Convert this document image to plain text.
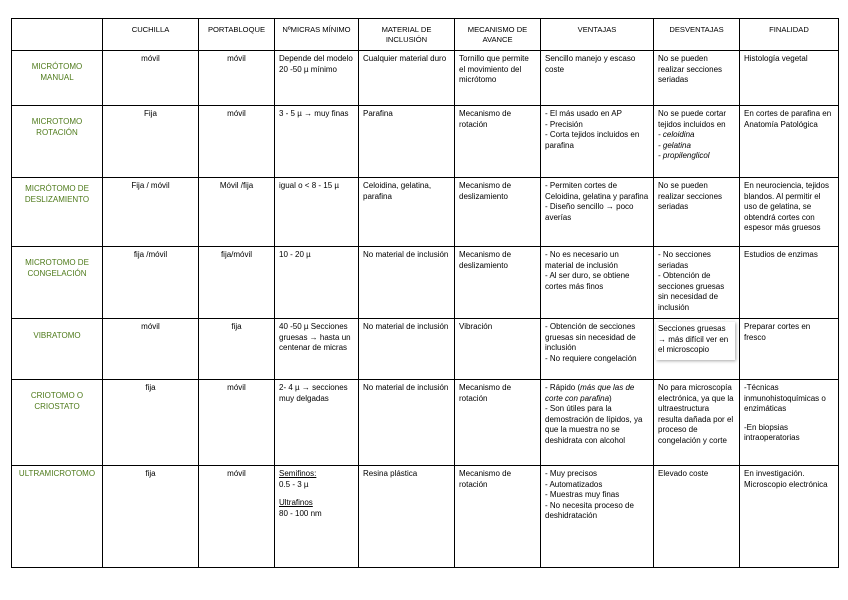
	CUCHILLA	PORTABLOQUE	NºMICRAS MÍNIMO	MATERIAL DE INCLUSIÓN	MECANISMO DE AVANCE	VENTAJAS	DESVENTAJAS	FINALIDAD
MICRÓTOMO MANUAL	móvil	móvil	Depende del modelo 20 -50 µ mínimo	Cualquier material duro	Tornillo que permite el movimiento del micrótomo	Sencillo manejo y escaso coste	No se pueden realizar secciones seriadas	Histología vegetal
MICROTOMO ROTACIÓN	Fija	móvil	3 - 5 µ → muy finas	Parafina	Mecanismo de rotación	- El más usado en AP
- Precisión
- Corta tejidos incluidos en parafina	No se puede cortar tejidos incluidos en
- celoidina
- gelatina
- propilenglicol	En cortes de parafina en Anatomía Patológica
MICRÓTOMO DE DESLIZAMIENTO	Fija / móvil	Móvil /fija	igual o < 8 - 15 µ	Celoidina, gelatina, parafina	Mecanismo de deslizamiento	- Permiten cortes de Celoidina, gelatina y parafina
- Diseño sencillo → poco averías	No se pueden realizar secciones seriadas	En neurociencia, tejidos blandos. Al permitir el uso de gelatina, se obtendrá cortes con espesor más gruesos
MICROTOMO DE CONGELACIÓN	fija /móvil	fija/móvil	10 - 20 µ	No material de inclusión	Mecanismo de deslizamiento	- No es necesario un material de inclusión
- Al ser duro, se obtiene cortes más finos	- No secciones seriadas
- Obtención de secciones gruesas sin necesidad de inclusión	Estudios de enzimas
VIBRATOMO	móvil	fija	40 -50 µ Secciones gruesas → hasta un centenar de micras	No material de inclusión	Vibración	- Obtención de secciones gruesas sin necesidad de inclusión
- No requiere congelación	Secciones gruesas → más difícil ver en el microscopio	Preparar cortes en fresco
CRIOTOMO O CRIOSTATO	fija	móvil	2- 4 µ → secciones muy delgadas	No material de inclusión	Mecanismo de rotación	- Rápido (más que las de corte con parafina)
- Son útiles para la demostración de lípidos, ya que la muestra no se deshidrata con alcohol	No para microscopía electrónica, ya que la ultraestructura resulta dañada por el proceso de congelación y corte	-Técnicas inmunohistoquímicas o enzimáticas
-En biopsias intraoperatorias

ULTRAMICROTOMO	fija	móvil	Semifinos:
0.5 - 3 µ
Ultrafinos
80 - 100 nm	Resina plástica	Mecanismo de rotación	- Muy precisos
- Automatizados
- Muestras muy finas
- No necesita proceso de deshidratación	Elevado coste	En investigación. Microscopio electrónica
